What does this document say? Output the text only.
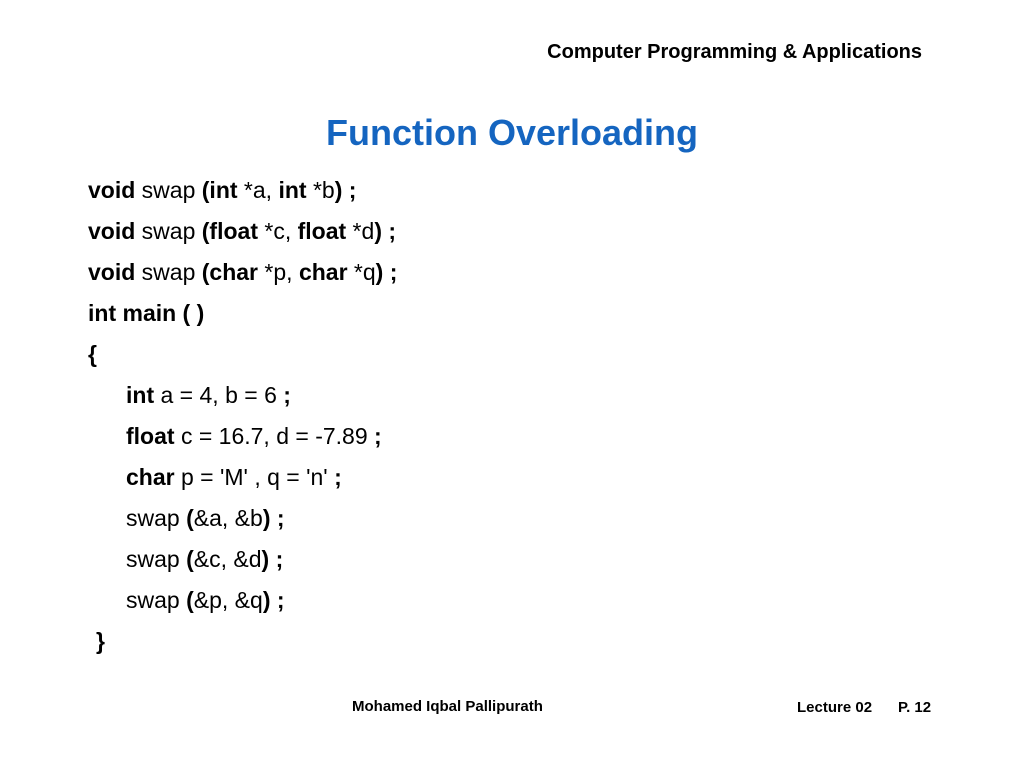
Computer Programming & Applications
Function Overloading
void swap (int *a, int *b) ;
void swap (float *c, float *d) ;
void swap (char *p, char *q) ;
int main ( )
{
int a = 4, b = 6 ;
float c = 16.7, d = -7.89 ;
char p = 'M' , q = 'n' ;
swap (&a, &b) ;
swap (&c, &d) ;
swap (&p, &q) ;
}
Mohamed Iqbal Pallipurath	Lecture 02 P. 12
